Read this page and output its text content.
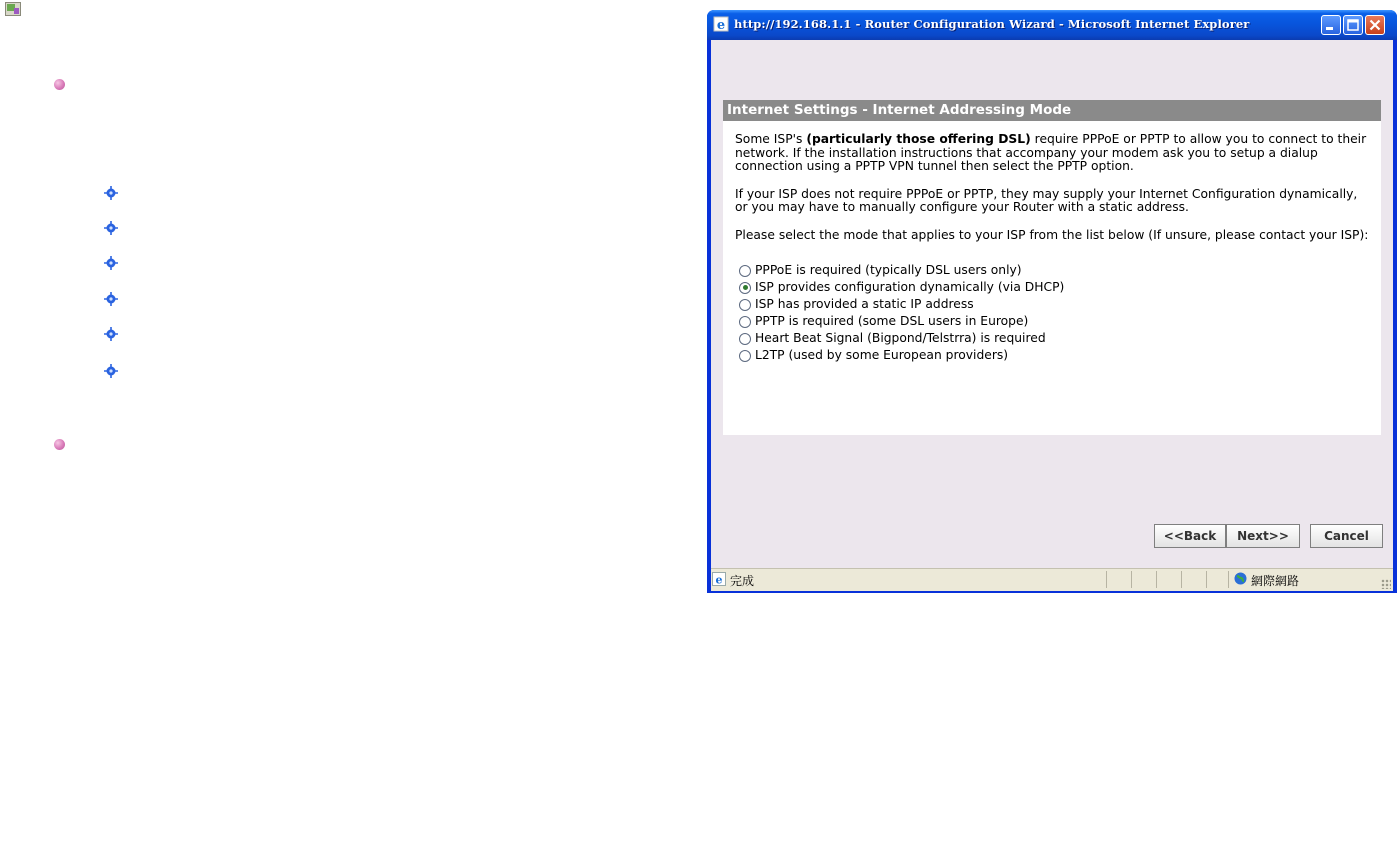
e http://192.168.1.1 - Router Configuration Wizard - Microsoft Internet Explorer
Internet Settings - Internet Addressing Mode

Some ISP's (particularly those offering DSL) require PPPoE or PPTP to allow you to connect to their network. If the installation instructions that accompany your modem ask you to setup a dialup connection using a PPTP VPN tunnel then select the PPTP option.

If your ISP does not require PPPoE or PPTP, they may supply your Internet Configuration dynamically, or you may have to manually configure your Router with a static address.

Please select the mode that applies to your ISP from the list below (If unsure, please contact your ISP):

PPPoE is required (typically DSL users only)
ISP provides configuration dynamically (via DHCP)
ISP has provided a static IP address
PPTP is required (some DSL users in Europe)
Heart Beat Signal (Bigpond/Telstrra) is required
L2TP (used by some European providers)
<<Back	Next>>	Cancel
e 完成	網際網路
